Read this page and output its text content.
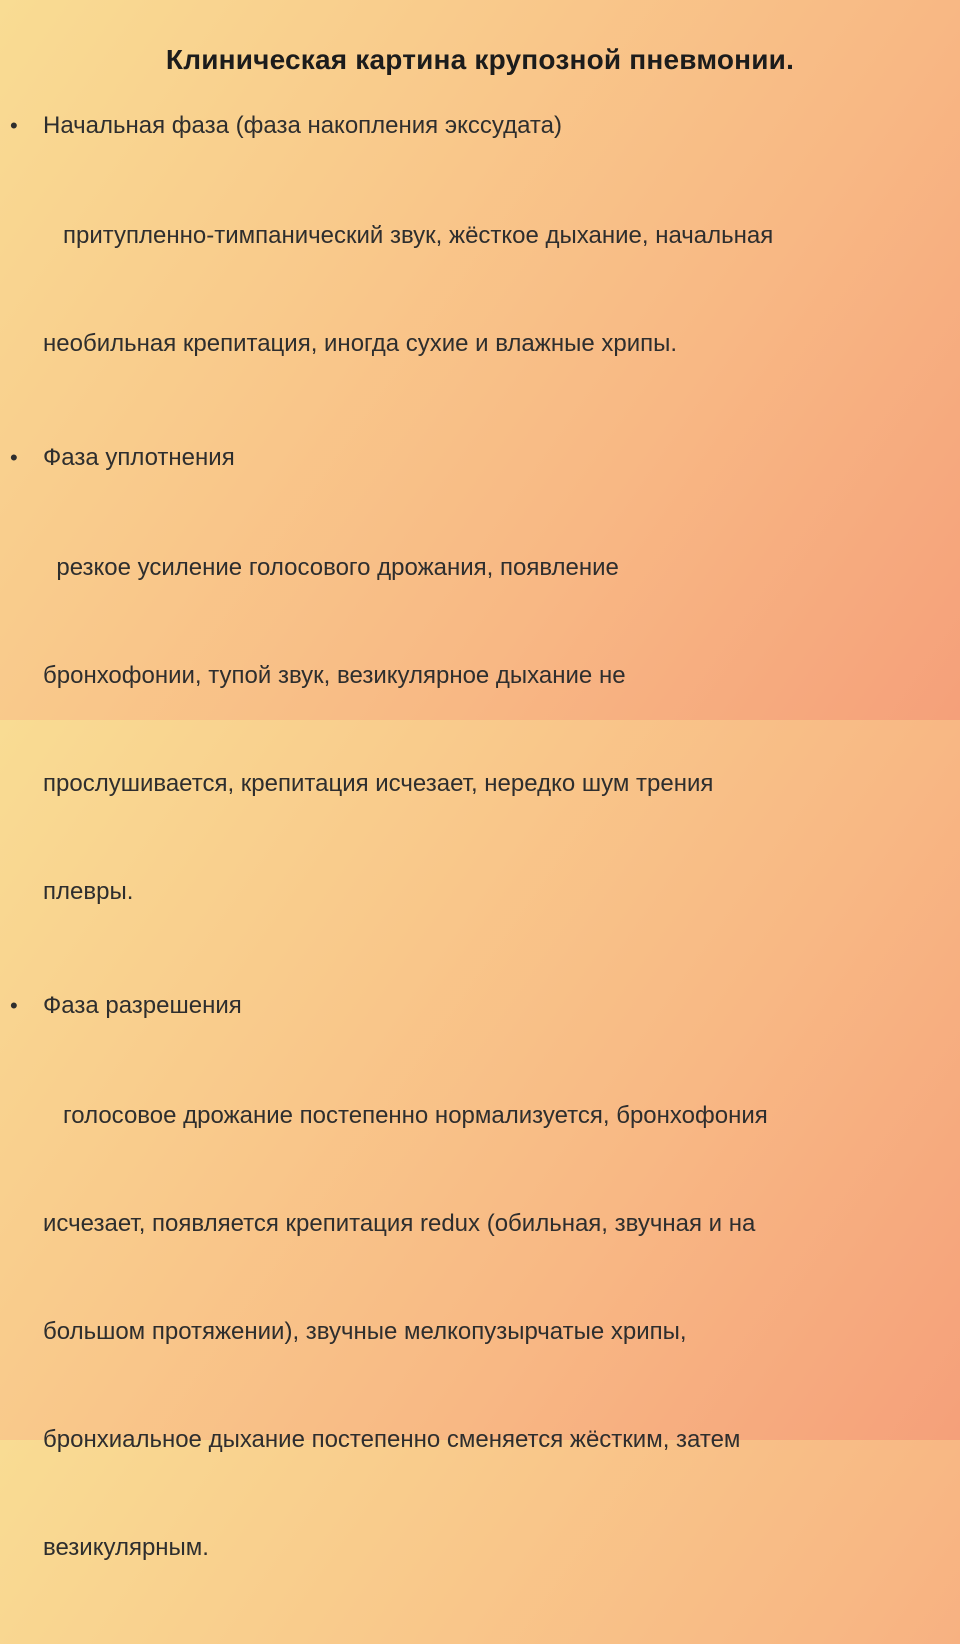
Клиническая картина крупозной пневмонии.
• Начальная фаза (фаза накопления экссудата)

притупленно-тимпанический звук, жёсткое дыхание, начальная

необильная крепитация, иногда сухие и влажные хрипы.

• Фаза уплотнения

резкое усиление голосового дрожания, появление

бронхофонии, тупой звук, везикулярное дыхание не

прослушивается, крепитация исчезает, нередко шум трения

плевры.

• Фаза разрешения

голосовое дрожание постепенно нормализуется, бронхофония

исчезает, появляется крепитация redux (обильная, звучная и на

большом протяжении), звучные мелкопузырчатые хрипы,

бронхиальное дыхание постепенно сменяется жёстким, затем

везикулярным.
